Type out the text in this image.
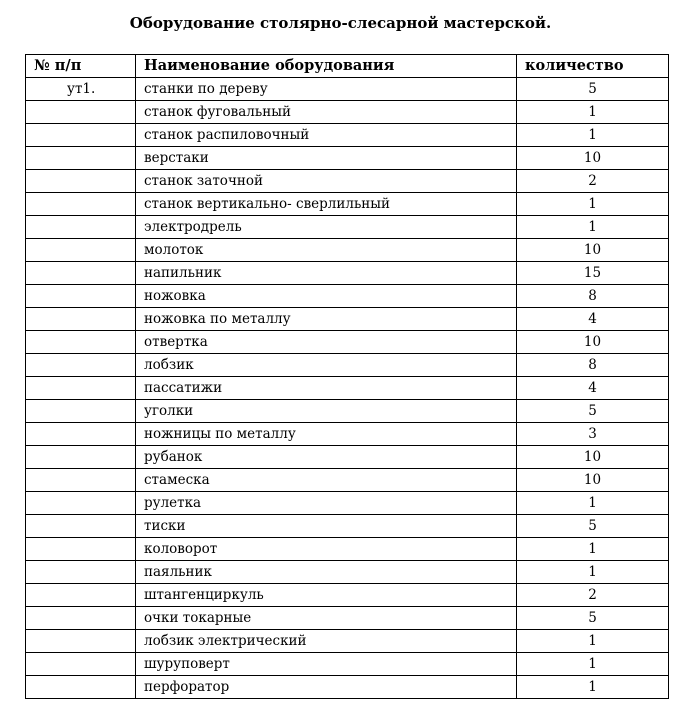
Оборудование столярно-слесарной мастерской.
№ п/п	Наименование оборудования	количество
ут1.	станки по дереву	5
	станок фуговальный	1
	станок распиловочный	1
	верстаки	10
	станок заточной	2
	станок вертикально- сверлильный	1
	электродрель	1
	молоток	10
	напильник	15
	ножовка	8
	ножовка по металлу	4
	отвертка	10
	лобзик	8
	пассатижи	4
	уголки	5
	ножницы по металлу	3
	рубанок	10
	стамеска	10
	рулетка	1
	тиски	5
	коловорот	1
	паяльник	1
	штангенциркуль	2
	очки токарные	5
	лобзик электрический	1
	шуруповерт	1
	перфоратор	1
